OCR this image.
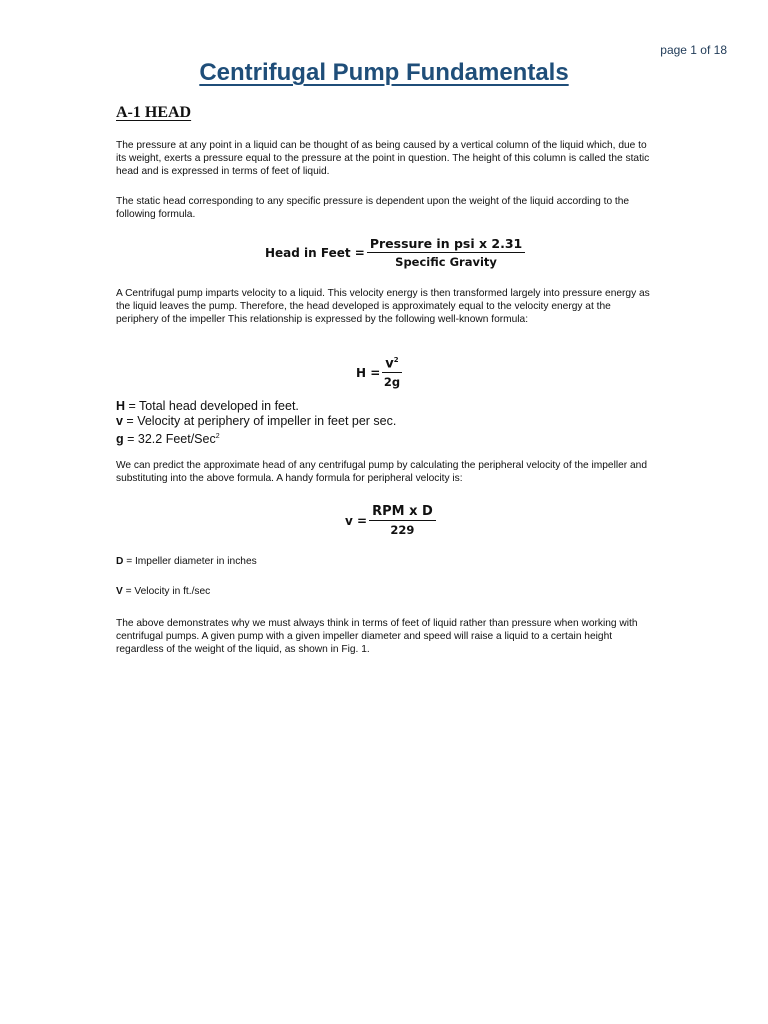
page 1 of 18
Centrifugal Pump Fundamentals
A-1 HEAD
The pressure at any point in a liquid can be thought of as being caused by a vertical column of the liquid which, due to its weight, exerts a pressure equal to the pressure at the point in question. The height of this column is called the static head and is expressed in terms of feet of liquid.
The static head corresponding to any specific pressure is dependent upon the weight of the liquid according to the following formula.
Head in Feet = $\frac{\text{Pressure in psi x 2.31}}{\text{Specific Gravity}}$
A Centrifugal pump imparts velocity to a liquid. This velocity energy is then transformed largely into pressure energy as the liquid leaves the pump. Therefore, the head developed is approximately equal to the velocity energy at the periphery of the impeller This relationship is expressed by the following well-known formula:
$H = \frac{v^2}{2g}$
H = Total head developed in feet.
v = Velocity at periphery of impeller in feet per sec.
g = 32.2 Feet/Sec$^2$
We can predict the approximate head of any centrifugal pump by calculating the peripheral velocity of the impeller and substituting into the above formula. A handy formula for peripheral velocity is:
$v = \frac{\text{RPM x D}}{229}$
D = Impeller diameter in inches
V = Velocity in ft./sec
The above demonstrates why we must always think in terms of feet of liquid rather than pressure when working with centrifugal pumps. A given pump with a given impeller diameter and speed will raise a liquid to a certain height regardless of the weight of the liquid, as shown in Fig. 1.
